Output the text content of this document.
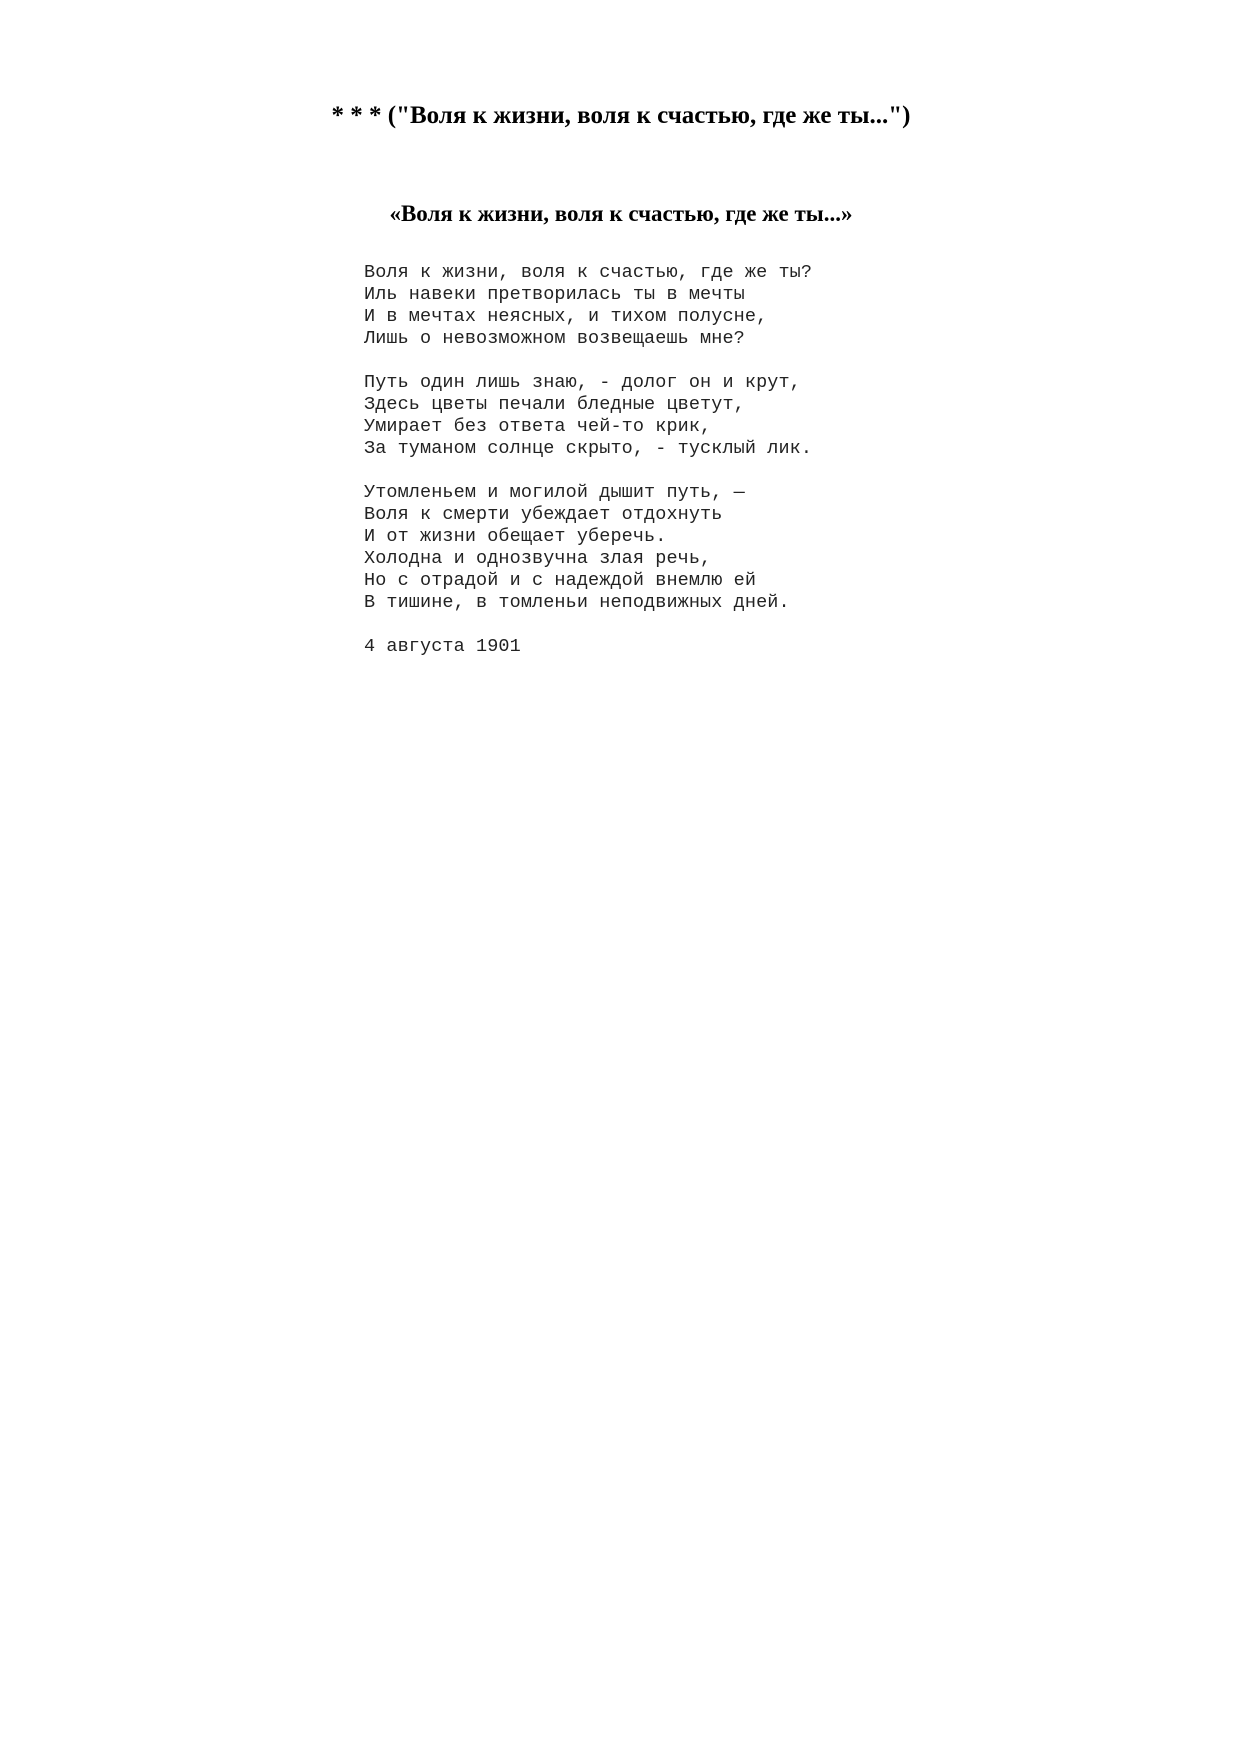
* * * ("Воля к жизни, воля к счастью, где же ты...")
«Воля к жизни, воля к счастью, где же ты...»
Воля к жизни, воля к счастью, где же ты?
Иль навеки претворилась ты в мечты
И в мечтах неясных, и тихом полусне,
Лишь о невозможном возвещаешь мне?
Путь один лишь знаю, - долог он и крут,
Здесь цветы печали бледные цветут,
Умирает без ответа чей-то крик,
За туманом солнце скрыто, - тусклый лик.
Утомленьем и могилой дышит путь, —
Воля к смерти убеждает отдохнуть
И от жизни обещает уберечь.
Холодна и однозвучна злая речь,
Но с отрадой и с надеждой внемлю ей
В тишине, в томленьи неподвижных дней.
4 августа 1901
